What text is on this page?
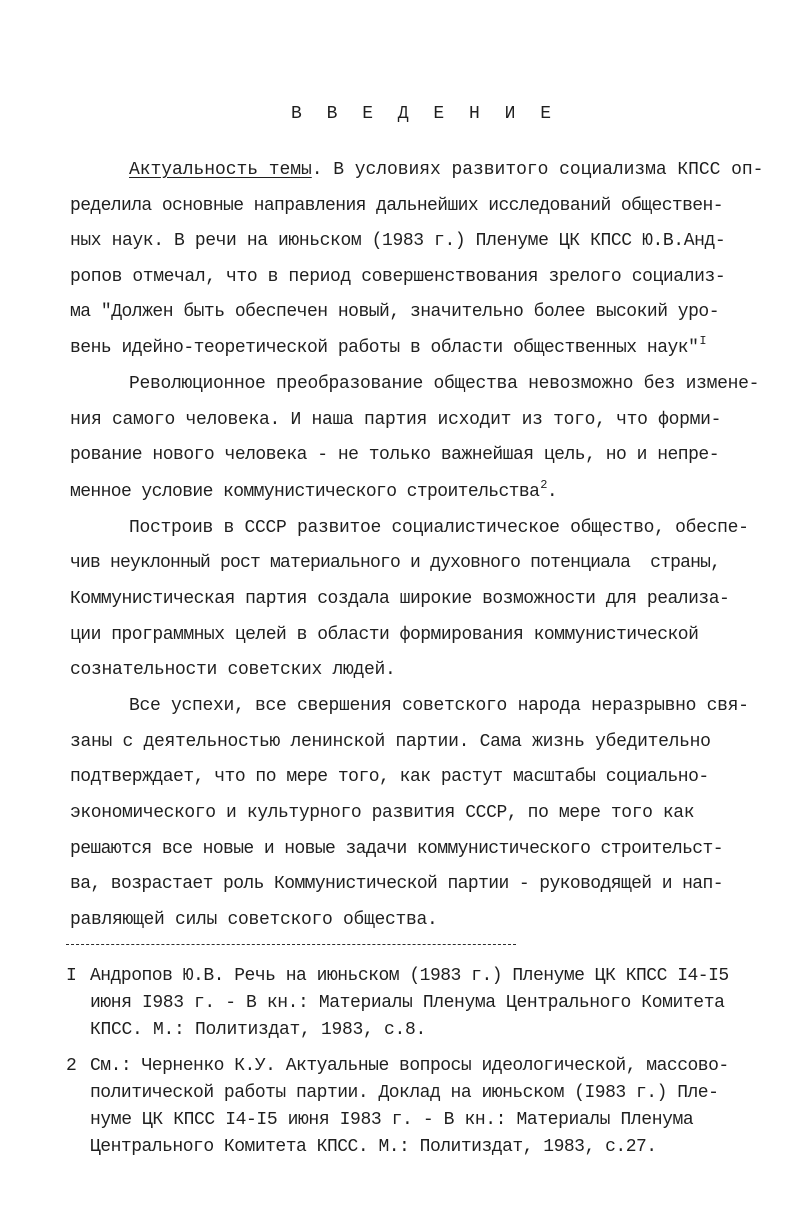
В В Е Д Е Н И Е
Актуальность темы. В условиях развитого социализма КПСС оп-
ределила основные направления дальнейших исследований обществен-
ных наук. В речи на июньском (1983 г.) Пленуме ЦК КПСС Ю.В.Анд-
ропов отмечал, что в период совершенствования зрелого социализ-
ма "Должен быть обеспечен новый, значительно более высокий уро-
вень идейно-теоретической работы в области общественных наук"$^I$
Революционное преобразование общества невозможно без измене-
ния самого человека. И наша партия исходит из того, что форми-
рование нового человека - не только важнейшая цель, но и непре-
менное условие коммунистического строительства$^2$.
Построив в СССР развитое социалистическое общество, обеспе-
чив неуклонный рост материального и духовного потенциала  страны,
Коммунистическая партия создала широкие возможности для реализа-
ции программных целей в области формирования коммунистической
сознательности советских людей.
Все успехи, все свершения советского народа неразрывно свя-
заны с деятельностью ленинской партии. Сама жизнь убедительно
подтверждает, что по мере того, как растут масштабы социально-
экономического и культурного развития СССР, по мере того как
решаются все новые и новые задачи коммунистического строительст-
ва, возрастает роль Коммунистической партии - руководящей и нап-
равляющей силы советского общества.
I Андропов Ю.В. Речь на июньском (1983 г.) Пленуме ЦК КПСС I4-I5
июня I983 г. - В кн.: Материалы Пленума Центрального Комитета
КПСС. М.: Политиздат, 1983, с.8.
2 См.: Черненко К.У. Актуальные вопросы идеологической, массово-
политической работы партии. Доклад на июньском (I983 г.) Пле-
нуме ЦК КПСС I4-I5 июня I983 г. - В кн.: Материалы Пленума
Центрального Комитета КПСС. М.: Политиздат, 1983, с.27.
